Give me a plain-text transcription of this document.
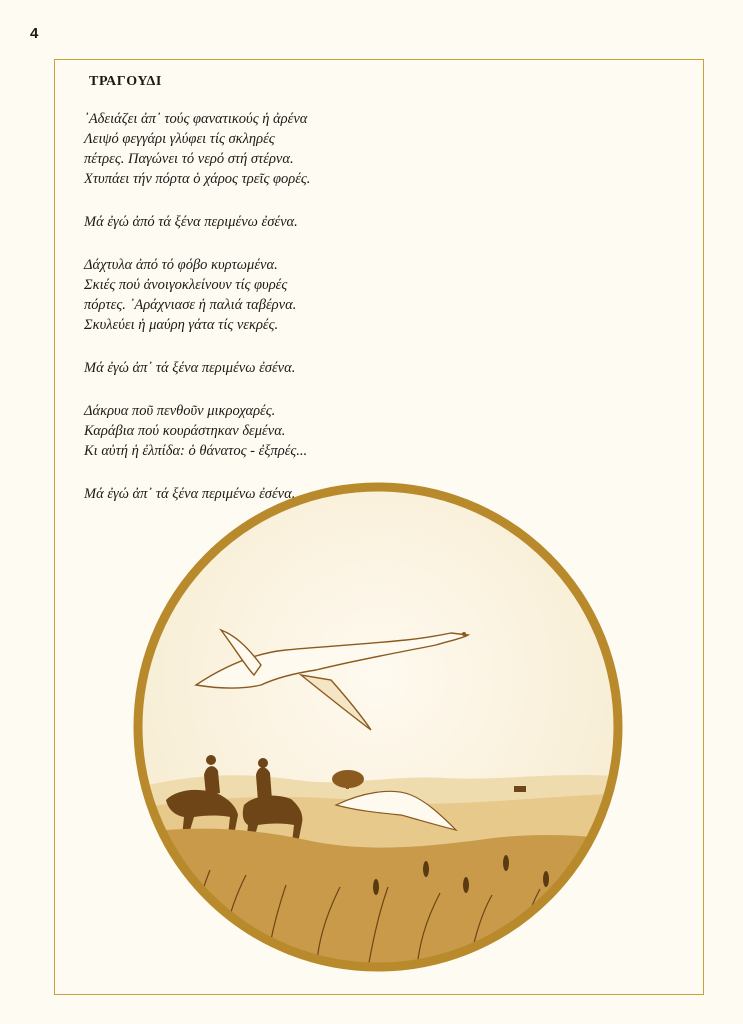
4
ΤΡΑΓΟΥΔΙ
᾿Αδειάζει ἀπ᾿ τούς φανατικούς ἡ ἀρένα
Λειψό φεγγάρι γλύφει τίς σκληρές
πέτρες. Παγώνει τό νερό στή στέρνα.
Χτυπάει τήν πόρτα ὁ χάρος τρεῖς φορές.
Μά ἐγώ ἀπό τά ξένα περιμένω ἐσένα.
Δάχτυλα ἀπό τό φόβο κυρτωμένα.
Σκιές πού ἀνοιγοκλείνουν τίς φυρές
πόρτες. ᾿Αράχνιασε ἡ παλιά ταβέρνα.
Σκυλεύει ἡ μαύρη γάτα τίς νεκρές.
Μά ἐγώ ἀπ᾿ τά ξένα περιμένω ἐσένα.
Δάκρυα ποῦ πενθοῦν μικροχαρές.
Καράβια πού κουράστηκαν δεμένα.
Κι αὐτή ἡ ἐλπίδα: ὁ θάνατος - ἐξπρές...
Μά ἐγώ ἀπ᾿ τά ξένα περιμένω ἐσένα.
